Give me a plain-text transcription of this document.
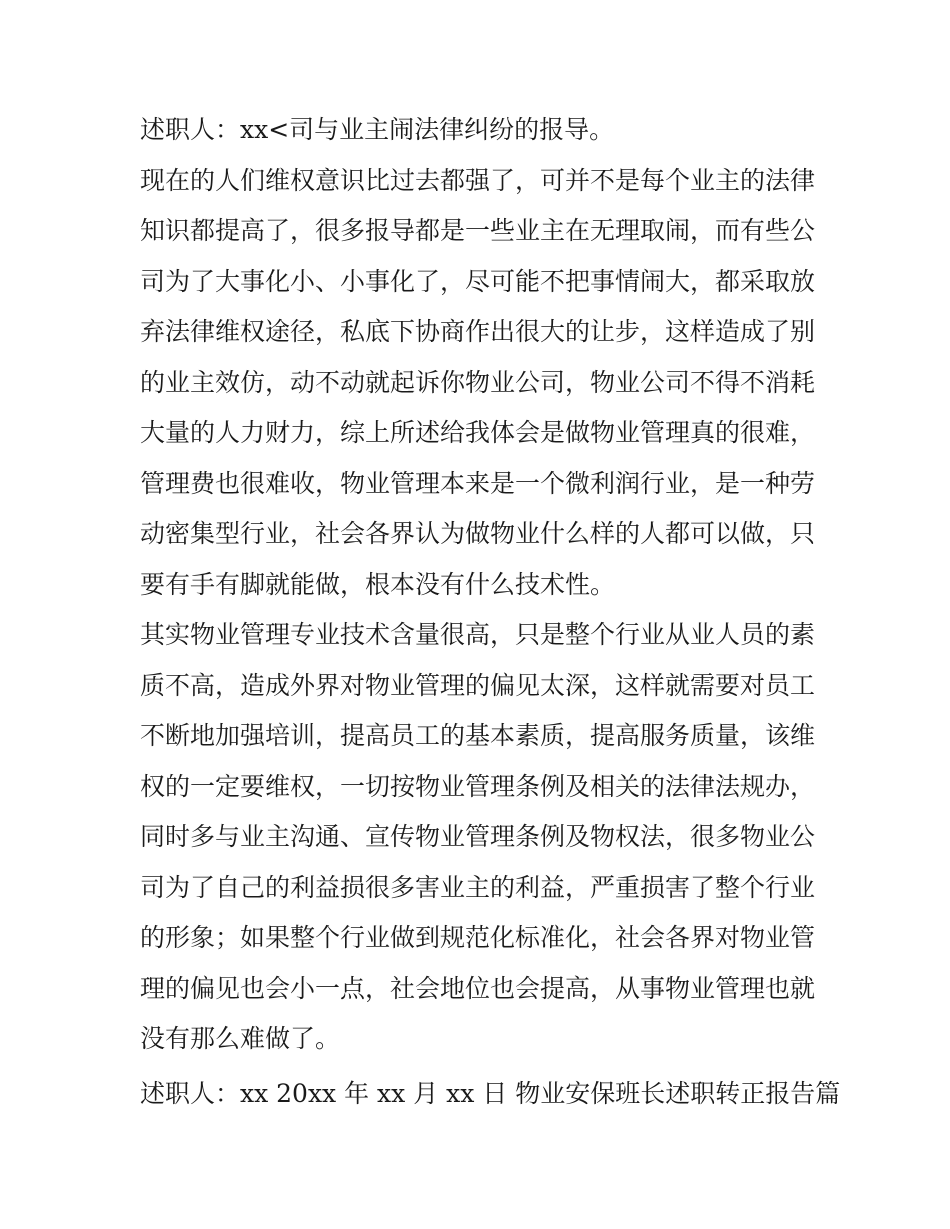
述职人：xx<司与业主闹法律纠纷的报导。
现在的人们维权意识比过去都强了，可并不是每个业主的法律
知识都提高了，很多报导都是一些业主在无理取闹，而有些公
司为了大事化小、小事化了，尽可能不把事情闹大，都采取放
弃法律维权途径，私底下协商作出很大的让步，这样造成了别
的业主效仿，动不动就起诉你物业公司，物业公司不得不消耗
大量的人力财力，综上所述给我体会是做物业管理真的很难，
管理费也很难收，物业管理本来是一个微利润行业，是一种劳
动密集型行业，社会各界认为做物业什么样的人都可以做，只
要有手有脚就能做，根本没有什么技术性。
其实物业管理专业技术含量很高，只是整个行业从业人员的素
质不高，造成外界对物业管理的偏见太深，这样就需要对员工
不断地加强培训，提高员工的基本素质，提高服务质量，该维
权的一定要维权，一切按物业管理条例及相关的法律法规办，
同时多与业主沟通、宣传物业管理条例及物权法，很多物业公
司为了自己的利益损很多害业主的利益，严重损害了整个行业
的形象；如果整个行业做到规范化标准化，社会各界对物业管
理的偏见也会小一点，社会地位也会提高，从事物业管理也就
没有那么难做了。
述职人：xx 20xx 年 xx 月 xx 日 物业安保班长述职转正报告篇
